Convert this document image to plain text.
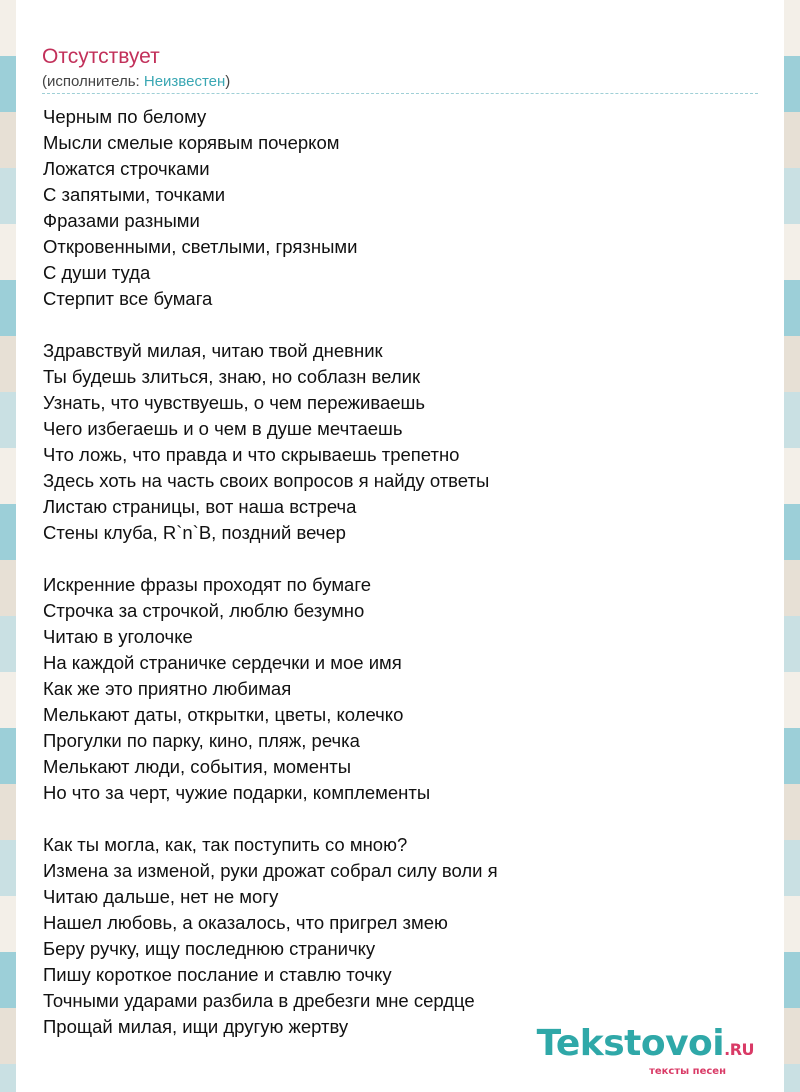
Отсутствует
(исполнитель: Неизвестен)
Черным по белому
Мысли смелые корявым почерком
Ложатся строчками
С запятыми, точками
Фразами разными
Откровенными, светлыми, грязными
С души туда
Стерпит все бумага
Здравствуй милая, читаю твой дневник
Ты будешь злиться, знаю, но соблазн велик
Узнать, что чувствуешь, о чем переживаешь
Чего избегаешь и о чем в душе мечтаешь
Что ложь, что правда и что скрываешь трепетно
Здесь хоть на часть своих вопросов я найду ответы
Листаю страницы, вот наша встреча
Стены клуба, R`n`B, поздний вечер
Искренние фразы проходят по бумаге
Строчка за строчкой, люблю безумно
Читаю в уголочке
На каждой страничке сердечки и мое имя
Как же это приятно любимая
Мелькают даты, открытки, цветы, колечко
Прогулки по парку, кино, пляж, речка
Мелькают люди, события, моменты
Но что за черт, чужие подарки, комплементы
Как ты могла, как, так поступить со мною?
Измена за изменой, руки дрожат собрал силу воли я
Читаю дальше, нет не могу
Нашел любовь, а оказалось, что пригрел змею
Беру ручку, ищу последнюю страничку
Пишу короткое послание и ставлю точку
Точными ударами разбила в дребезги мне сердце
Прощай милая, ищи другую жертву	Tekstovoi.RU
тексты песен
